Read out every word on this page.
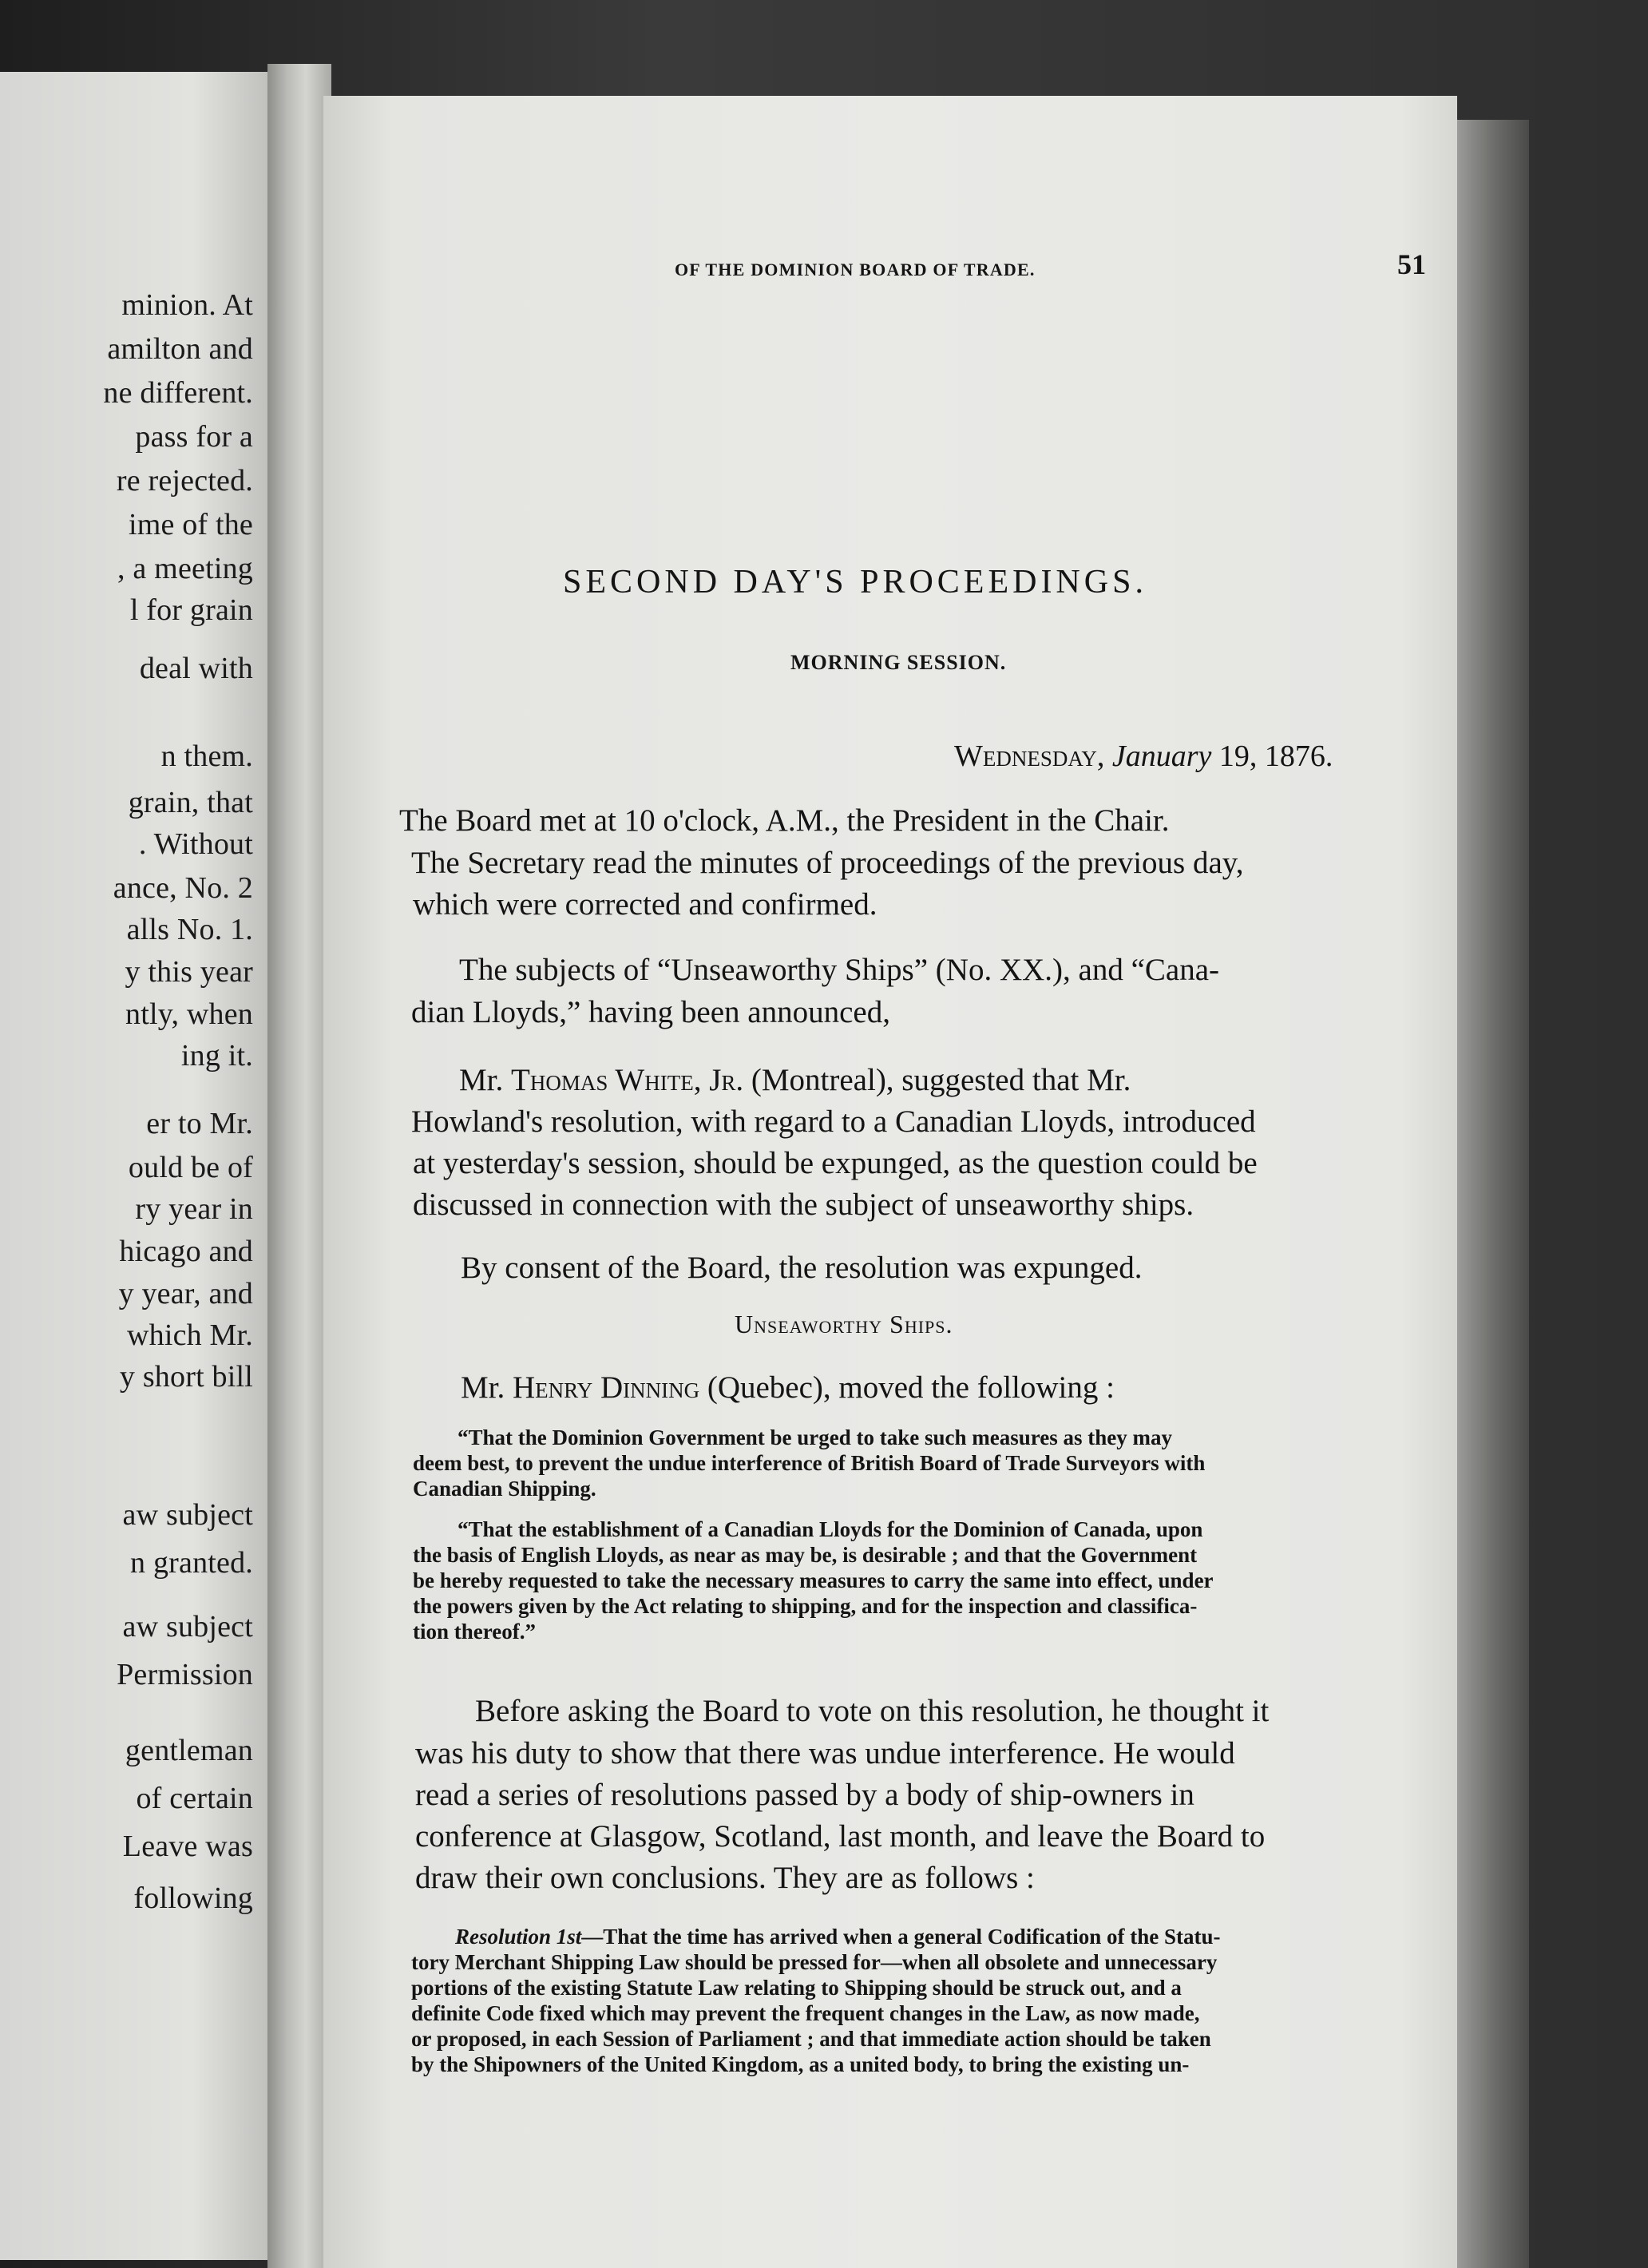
minion. At
amilton and
ne different.
pass for a
re rejected.
ime of the
, a meeting
l for grain
deal with
n them.
grain, that
. Without
ance, No. 2
alls No. 1.
y this year
ntly, when
ing it.
er to Mr.
ould be of
ry year in
hicago and
y year, and
which Mr.
y short bill
aw subject
n granted.
aw subject
Permission
gentleman
of certain
Leave was
following
OF THE DOMINION BOARD OF TRADE.	51
SECOND DAY'S PROCEEDINGS.
MORNING SESSION.
Wednesday, January 19, 1876.
The Board met at 10 o'clock, A.M., the President in the Chair.
The Secretary read the minutes of proceedings of the previous day,
which were corrected and confirmed.
The subjects of “Unseaworthy Ships” (No. XX.), and “Cana-
dian Lloyds,” having been announced,
Mr. Thomas White, Jr. (Montreal), suggested that Mr.
Howland's resolution, with regard to a Canadian Lloyds, introduced
at yesterday's session, should be expunged, as the question could be
discussed in connection with the subject of unseaworthy ships.
By consent of the Board, the resolution was expunged.
Unseaworthy Ships.
Mr. Henry Dinning (Quebec), moved the following :
“That the Dominion Government be urged to take such measures as they may
deem best, to prevent the undue interference of British Board of Trade Surveyors with
Canadian Shipping.
“That the establishment of a Canadian Lloyds for the Dominion of Canada, upon
the basis of English Lloyds, as near as may be, is desirable ; and that the Government
be hereby requested to take the necessary measures to carry the same into effect, under
the powers given by the Act relating to shipping, and for the inspection and classifica-
tion thereof.”
Before asking the Board to vote on this resolution, he thought it
was his duty to show that there was undue interference. He would
read a series of resolutions passed by a body of ship-owners in
conference at Glasgow, Scotland, last month, and leave the Board to
draw their own conclusions. They are as follows :
Resolution 1st—That the time has arrived when a general Codification of the Statu-
tory Merchant Shipping Law should be pressed for—when all obsolete and unnecessary
portions of the existing Statute Law relating to Shipping should be struck out, and a
definite Code fixed which may prevent the frequent changes in the Law, as now made,
or proposed, in each Session of Parliament ; and that immediate action should be taken
by the Shipowners of the United Kingdom, as a united body, to bring the existing un-
